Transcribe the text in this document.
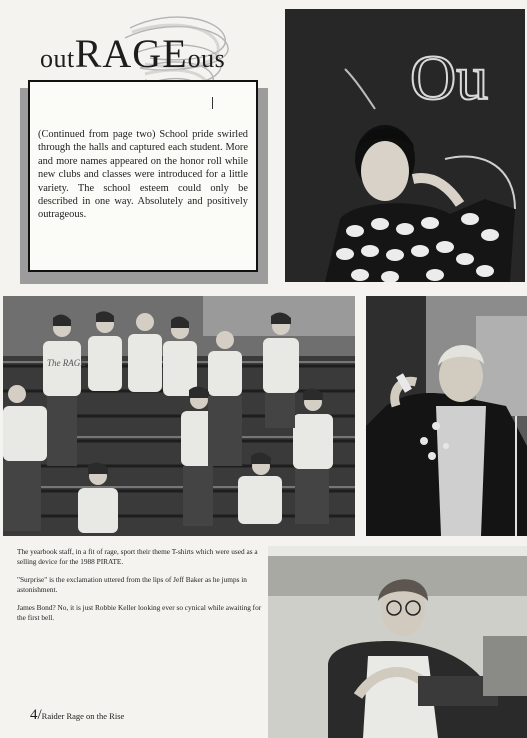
outRAGEous

(Continued from page two) School pride swirled through the halls and captured each student. More and more names appeared on the honor roll while new clubs and classes were introduced for a little variety. The school esteem could only be described in one way. Absolutely and positively outrageous.

Ou
The RAGE

The yearbook staff, in a fit of rage, sport their theme T-shirts which were used as a selling device for the 1988 PIRATE.

"Surprise" is the exclamation uttered from the lips of Jeff Baker as he jumps in astonishment.

James Bond? No, it is just Robbie Keller looking ever so cynical while awaiting for the first bell.

4/Raider Rage on the Rise
